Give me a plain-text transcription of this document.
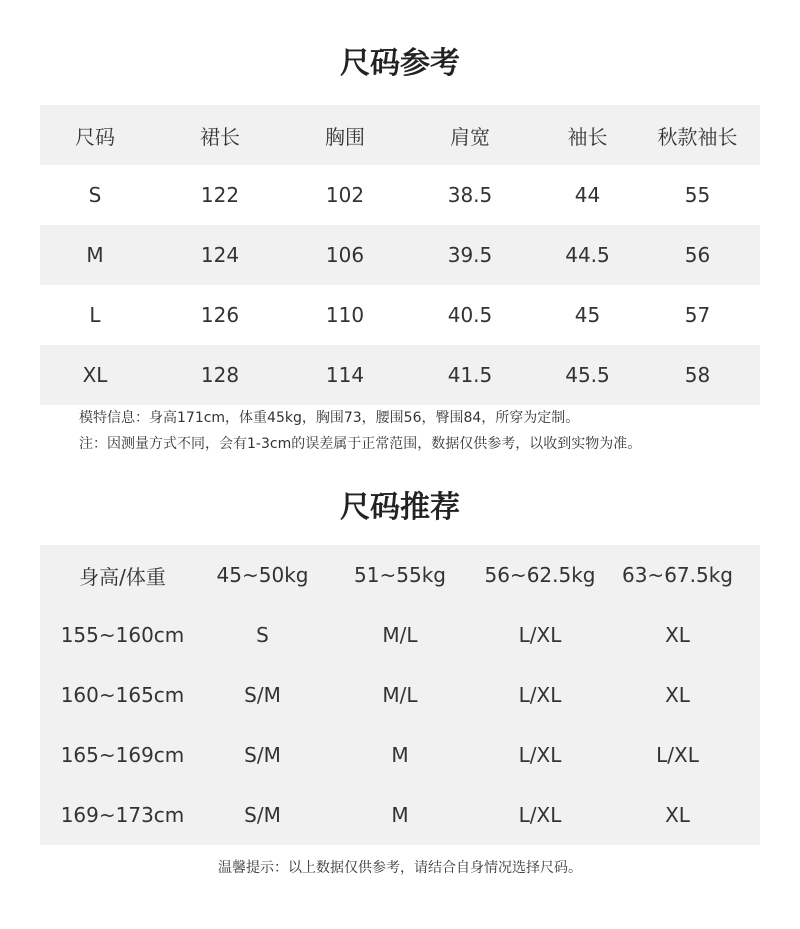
尺码参考
尺码	裙长	胸围	肩宽	袖长	秋款袖长
S	122	102	38.5	44	55
M	124	106	39.5	44.5	56
L	126	110	40.5	45	57
XL	128	114	41.5	45.5	58
模特信息：身高171cm，体重45kg，胸围73，腰围56，臀围84，所穿为定制。
注：因测量方式不同，会有1-3cm的误差属于正常范围，数据仅供参考，以收到实物为准。
尺码推荐
身高/体重	45~50kg	51~55kg	56~62.5kg	63~67.5kg
155~160cm	S	M/L	L/XL	XL
160~165cm	S/M	M/L	L/XL	XL
165~169cm	S/M	M	L/XL	L/XL
169~173cm	S/M	M	L/XL	XL
温馨提示：以上数据仅供参考，请结合自身情况选择尺码。
